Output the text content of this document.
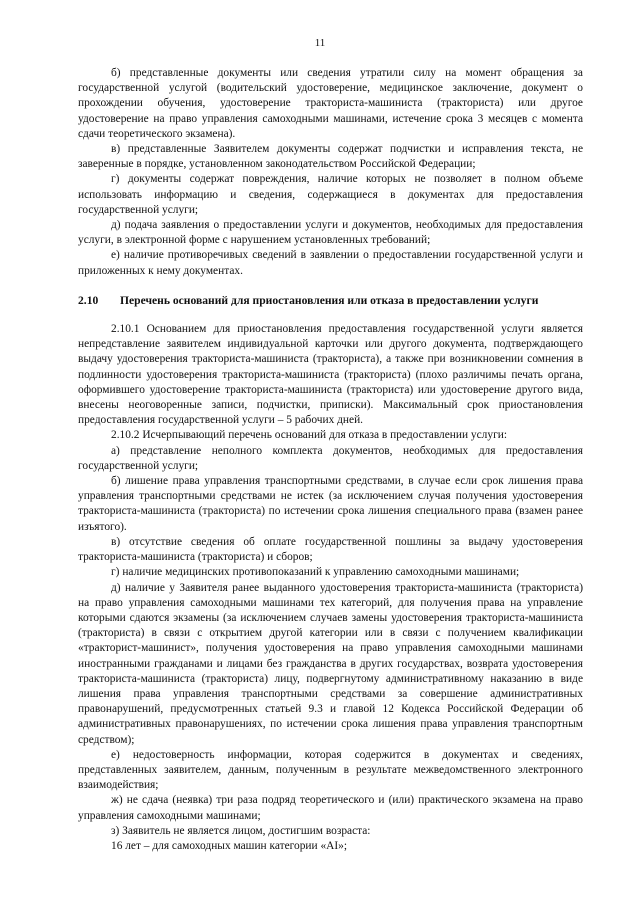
11

б) представленные документы или сведения утратили силу на момент обращения за государственной услугой (водительский удостоверение, медицинское заключение, документ о прохождении обучения, удостоверение тракториста-машиниста (тракториста) или другое удостоверение на право управления самоходными машинами, истечение срока 3 месяцев с момента сдачи теоретического экзамена).

в) представленные Заявителем документы содержат подчистки и исправления текста, не заверенные в порядке, установленном законодательством Российской Федерации;

г) документы содержат повреждения, наличие которых не позволяет в полном объеме использовать информацию и сведения, содержащиеся в документах для предоставления государственной услуги;

д) подача заявления о предоставлении услуги и документов, необходимых для предоставления услуги, в электронной форме с нарушением установленных требований;

е) наличие противоречивых сведений в заявлении о предоставлении государственной услуги и приложенных к нему документах.

2.10	Перечень оснований для приостановления или отказа в предоставлении услуги

2.10.1 Основанием для приостановления предоставления государственной услуги является непредставление заявителем индивидуальной карточки или другого документа, подтверждающего выдачу удостоверения тракториста-машиниста (тракториста), а также при возникновении сомнения в подлинности удостоверения тракториста-машиниста (тракториста) (плохо различимы печать органа, оформившего удостоверение тракториста-машиниста (тракториста) или удостоверение другого вида, внесены неоговоренные записи, подчистки, приписки). Максимальный срок приостановления предоставления государственной услуги – 5 рабочих дней.

2.10.2 Исчерпывающий перечень оснований для отказа в предоставлении услуги:

а) представление неполного комплекта документов, необходимых для предоставления государственной услуги;

б) лишение права управления транспортными средствами, в случае если срок лишения права управления транспортными средствами не истек (за исключением случая получения удостоверения тракториста-машиниста (тракториста) по истечении срока лишения специального права (взамен ранее изъятого).

в) отсутствие сведения об оплате государственной пошлины за выдачу удостоверения тракториста-машиниста (тракториста) и сборов;

г) наличие медицинских противопоказаний к управлению самоходными машинами;

д) наличие у Заявителя ранее выданного удостоверения тракториста-машиниста (тракториста) на право управления самоходными машинами тех категорий, для получения права на управление которыми сдаются экзамены (за исключением случаев замены удостоверения тракториста-машиниста (тракториста) в связи с открытием другой категории или в связи с получением квалификации «тракторист-машинист», получения удостоверения на право управления самоходными машинами иностранными гражданами и лицами без гражданства в других государствах, возврата удостоверения тракториста-машиниста (тракториста) лицу, подвергнутому административному наказанию в виде лишения права управления транспортными средствами за совершение административных правонарушений, предусмотренных статьей 9.3 и главой 12 Кодекса Российской Федерации об административных правонарушениях, по истечении срока лишения права управления транспортным средством);

е) недостоверность информации, которая содержится в документах и сведениях, представленных заявителем, данным, полученным в результате межведомственного электронного взаимодействия;

ж) не сдача (неявка) три раза подряд теоретического и (или) практического экзамена на право управления самоходными машинами;

з) Заявитель не является лицом, достигшим возраста:

16 лет – для самоходных машин категории «AI»;
